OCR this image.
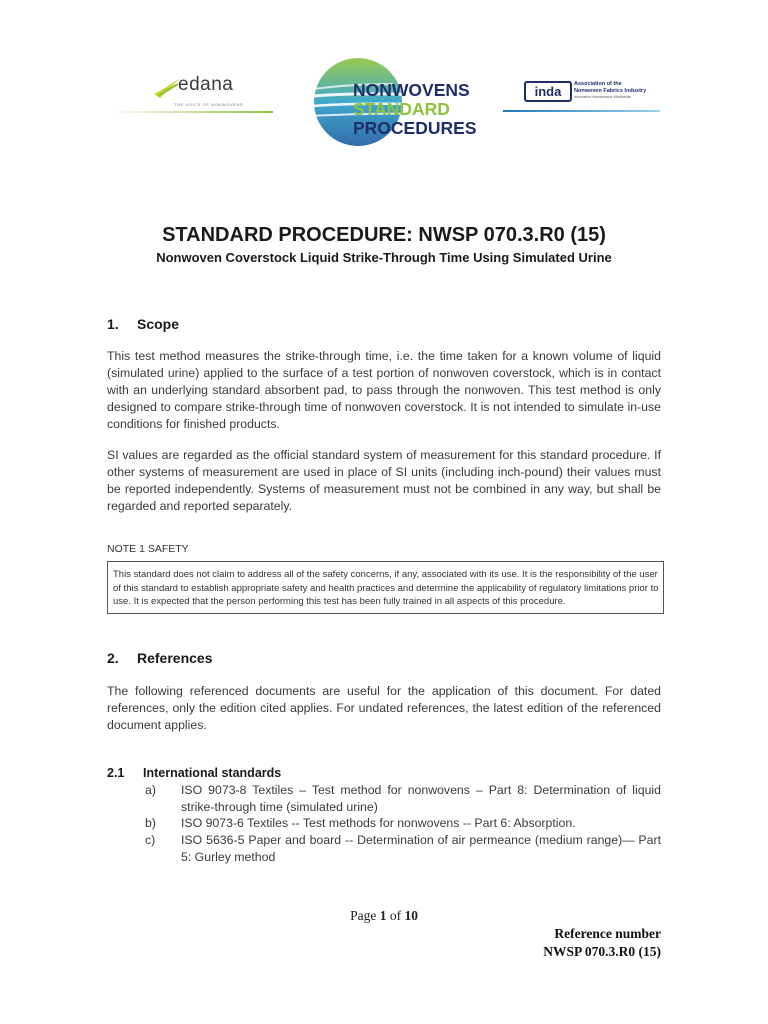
edana
THE VOICE OF NONWOVENS
NONWOVENS
STANDARD
PROCEDURES
inda	Association of the
Nonwoven Fabrics Industry
Innovative Nonwovens Worldwide
STANDARD PROCEDURE: NWSP 070.3.R0 (15)
Nonwoven Coverstock Liquid Strike-Through Time Using Simulated Urine
1. Scope
This test method measures the strike-through time, i.e. the time taken for a known volume of liquid (simulated urine) applied to the surface of a test portion of nonwoven coverstock, which is in contact with an underlying standard absorbent pad, to pass through the nonwoven. This test method is only designed to compare strike-through time of nonwoven coverstock. It is not intended to simulate in-use conditions for finished products.
SI values are regarded as the official standard system of measurement for this standard procedure. If other systems of measurement are used in place of SI units (including inch-pound) their values must be reported independently. Systems of measurement must not be combined in any way, but shall be regarded and reported separately.
NOTE 1 SAFETY
This standard does not claim to address all of the safety concerns, if any, associated with its use. It is the responsibility of the user of this standard to establish appropriate safety and health practices and determine the applicability of regulatory limitations prior to use. It is expected that the person performing this test has been fully trained in all aspects of this procedure.
2. References
The following referenced documents are useful for the application of this document. For dated references, only the edition cited applies. For undated references, the latest edition of the referenced document applies.
2.1 International standards
a) ISO 9073-8 Textiles – Test method for nonwovens – Part 8: Determination of liquid strike-through time (simulated urine)
b) ISO 9073-6 Textiles -- Test methods for nonwovens -- Part 6: Absorption.
c) ISO 5636-5 Paper and board -- Determination of air permeance (medium range)— Part 5: Gurley method
Page 1 of 10
Reference number
NWSP 070.3.R0 (15)
